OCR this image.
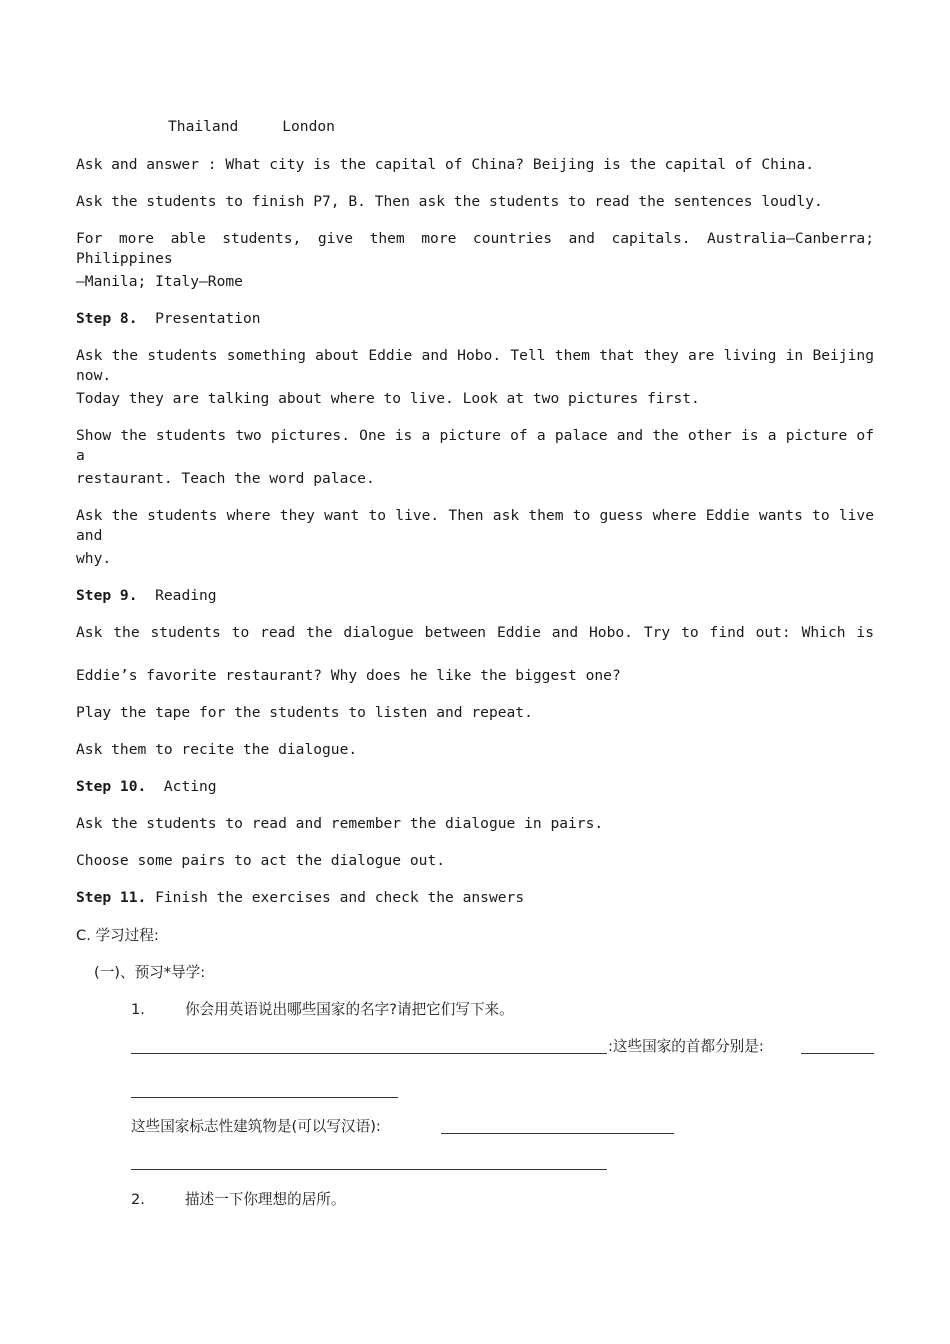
Thailand     London
Ask and answer : What city is the capital of China? Beijing is the capital of China.
Ask the students to finish P7, B. Then ask the students to read the sentences loudly.
For more able students, give them more countries and capitals. Australia—Canberra; Philippines
—Manila; Italy—Rome
Step 8. Presentation
Ask the students something about Eddie and Hobo. Tell them that they are living in Beijing now.
Today they are talking about where to live. Look at two pictures first.
Show the students two pictures. One is a picture of a palace and the other is a picture of a
restaurant. Teach the word palace.
Ask the students where they want to live. Then ask them to guess where Eddie wants to live and
why.
Step 9. Reading
Ask the students to read the dialogue between Eddie and Hobo. Try to find out: Which is
Eddie’s favorite restaurant? Why does he like the biggest one?
Play the tape for the students to listen and repeat.
Ask them to recite the dialogue.
Step 10. Acting
Ask the students to read and remember the dialogue in pairs.
Choose some pairs to act the dialogue out.
Step 11. Finish the exercises and check the answers
C. 学习过程:
(一)、预习*导学:
1.	你会用英语说出哪些国家的名字?请把它们写下来。
:这些国家的首都分别是:
这些国家标志性建筑物是(可以写汉语):
2.	描述一下你理想的居所。
